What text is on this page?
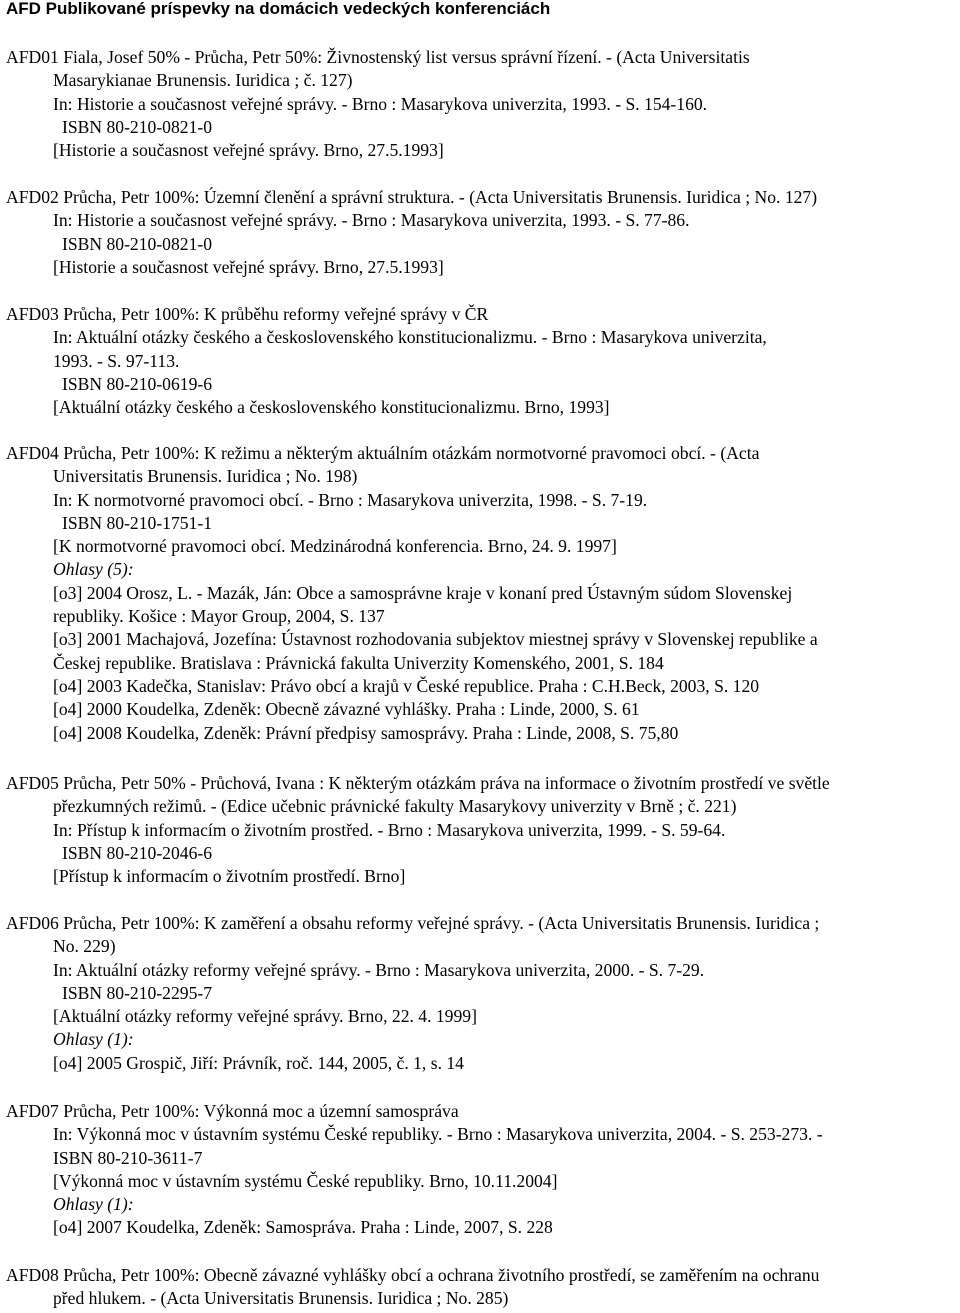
AFD Publikované príspevky na domácich vedeckých konferenciách
AFD01 Fiala, Josef 50% - Průcha, Petr 50%: Živnostenský list versus správní řízení. - (Acta Universitatis
Masarykianae Brunensis. Iuridica ; č. 127)
In: Historie a současnost veřejné správy. - Brno : Masarykova univerzita, 1993. - S. 154-160.
ISBN 80-210-0821-0
[Historie a současnost veřejné správy. Brno, 27.5.1993]
AFD02 Průcha, Petr 100%: Územní členění a správní struktura. - (Acta Universitatis Brunensis. Iuridica ; No. 127)
In: Historie a současnost veřejné správy. - Brno : Masarykova univerzita, 1993. - S. 77-86.
ISBN 80-210-0821-0
[Historie a současnost veřejné správy. Brno, 27.5.1993]
AFD03 Průcha, Petr 100%: K průběhu reformy veřejné správy v ČR
In: Aktuální otázky českého a československého konstitucionalizmu. - Brno : Masarykova univerzita,
1993. - S. 97-113.
ISBN 80-210-0619-6
[Aktuální otázky českého a československého konstitucionalizmu. Brno, 1993]
AFD04 Průcha, Petr 100%: K režimu a některým aktuálním otázkám normotvorné pravomoci obcí. - (Acta
Universitatis Brunensis. Iuridica ; No. 198)
In: K normotvorné pravomoci obcí. - Brno : Masarykova univerzita, 1998. - S. 7-19.
ISBN 80-210-1751-1
[K normotvorné pravomoci obcí. Medzinárodná konferencia. Brno, 24. 9. 1997]
Ohlasy (5):
[o3] 2004 Orosz, L. - Mazák, Ján: Obce a samosprávne kraje v konaní pred Ústavným súdom Slovenskej
republiky. Košice : Mayor Group, 2004, S. 137
[o3] 2001 Machajová, Jozefína: Ústavnost rozhodovania subjektov miestnej správy v Slovenskej republike a
Českej republike. Bratislava : Právnická fakulta Univerzity Komenského, 2001, S. 184
[o4] 2003 Kadečka, Stanislav: Právo obcí a krajů v České republice. Praha : C.H.Beck, 2003, S. 120
[o4] 2000 Koudelka, Zdeněk: Obecně závazné vyhlášky. Praha : Linde, 2000, S. 61
[o4] 2008 Koudelka, Zdeněk: Právní předpisy samosprávy. Praha : Linde, 2008, S. 75,80
AFD05 Průcha, Petr 50% - Průchová, Ivana : K některým otázkám práva na informace o životním prostředí ve světle
přezkumných režimů. - (Edice učebnic právnické fakulty Masarykovy univerzity v Brně ; č. 221)
In: Přístup k informacím o životním prostřed. - Brno : Masarykova univerzita, 1999. - S. 59-64.
ISBN 80-210-2046-6
[Přístup k informacím o životním prostředí. Brno]
AFD06 Průcha, Petr 100%: K zaměření a obsahu reformy veřejné správy. - (Acta Universitatis Brunensis. Iuridica ;
No. 229)
In: Aktuální otázky reformy veřejné správy. - Brno : Masarykova univerzita, 2000. - S. 7-29.
ISBN 80-210-2295-7
[Aktuální otázky reformy veřejné správy. Brno, 22. 4. 1999]
Ohlasy (1):
[o4] 2005 Grospič, Jiří: Právník, roč. 144, 2005, č. 1, s. 14
AFD07 Průcha, Petr 100%: Výkonná moc a územní samospráva
In: Výkonná moc v ústavním systému České republiky. - Brno : Masarykova univerzita, 2004. - S. 253-273. -
ISBN 80-210-3611-7
[Výkonná moc v ústavním systému České republiky. Brno, 10.11.2004]
Ohlasy (1):
[o4] 2007 Koudelka, Zdeněk: Samospráva. Praha : Linde, 2007, S. 228
AFD08 Průcha, Petr 100%: Obecně závazné vyhlášky obcí a ochrana životního prostředí, se zaměřením na ochranu
před hlukem. - (Acta Universitatis Brunensis. Iuridica ; No. 285)
